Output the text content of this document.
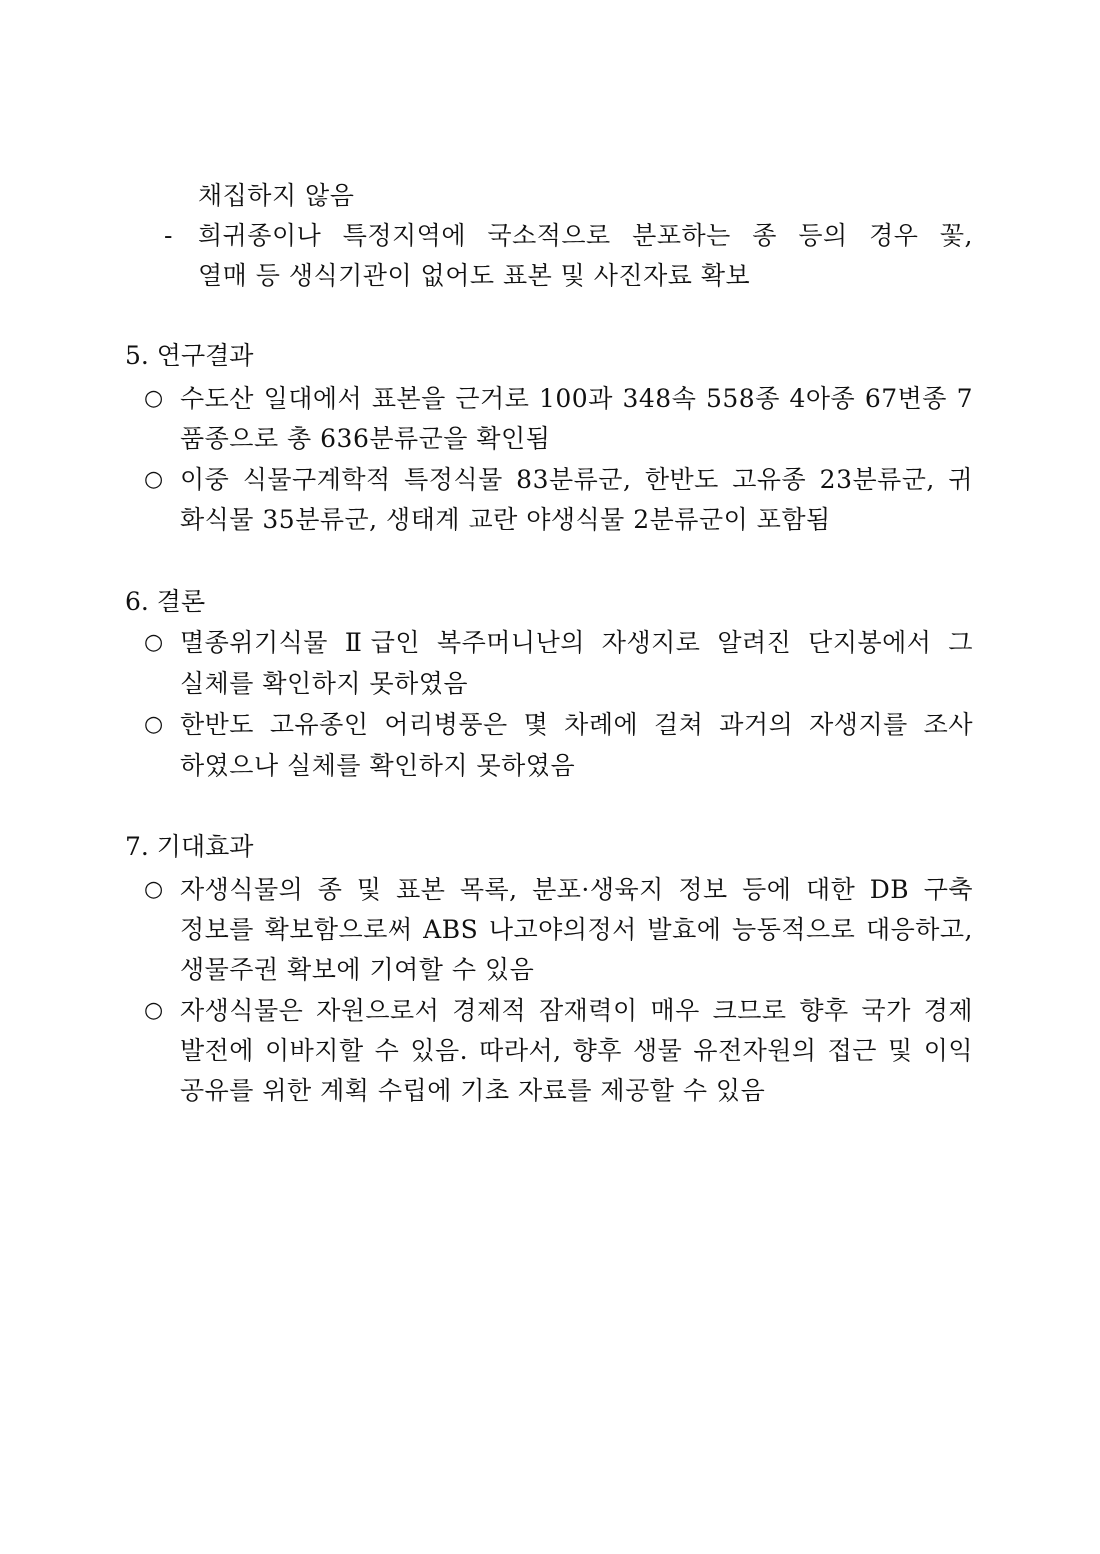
채집하지 않음
- 희귀종이나 특정지역에 국소적으로 분포하는 종 등의 경우 꽃,
열매 등 생식기관이 없어도 표본 및 사진자료 확보
5. 연구결과
○ 수도산 일대에서 표본을 근거로 100과 348속 558종 4아종 67변종 7
품종으로 총 636분류군을 확인됨
○ 이중 식물구계학적 특정식물 83분류군, 한반도 고유종 23분류군, 귀
화식물 35분류군, 생태계 교란 야생식물 2분류군이 포함됨
6. 결론
○ 멸종위기식물 Ⅱ급인 복주머니난의 자생지로 알려진 단지봉에서 그
실체를 확인하지 못하였음
○ 한반도 고유종인 어리병풍은 몇 차례에 걸쳐 과거의 자생지를 조사
하였으나 실체를 확인하지 못하였음
7. 기대효과
○ 자생식물의 종 및 표본 목록, 분포·생육지 정보 등에 대한 DB 구축
정보를 확보함으로써 ABS 나고야의정서 발효에 능동적으로 대응하고,
생물주권 확보에 기여할 수 있음
○ 자생식물은 자원으로서 경제적 잠재력이 매우 크므로 향후 국가 경제
발전에 이바지할 수 있음. 따라서, 향후 생물 유전자원의 접근 및 이익
공유를 위한 계획 수립에 기초 자료를 제공할 수 있음
